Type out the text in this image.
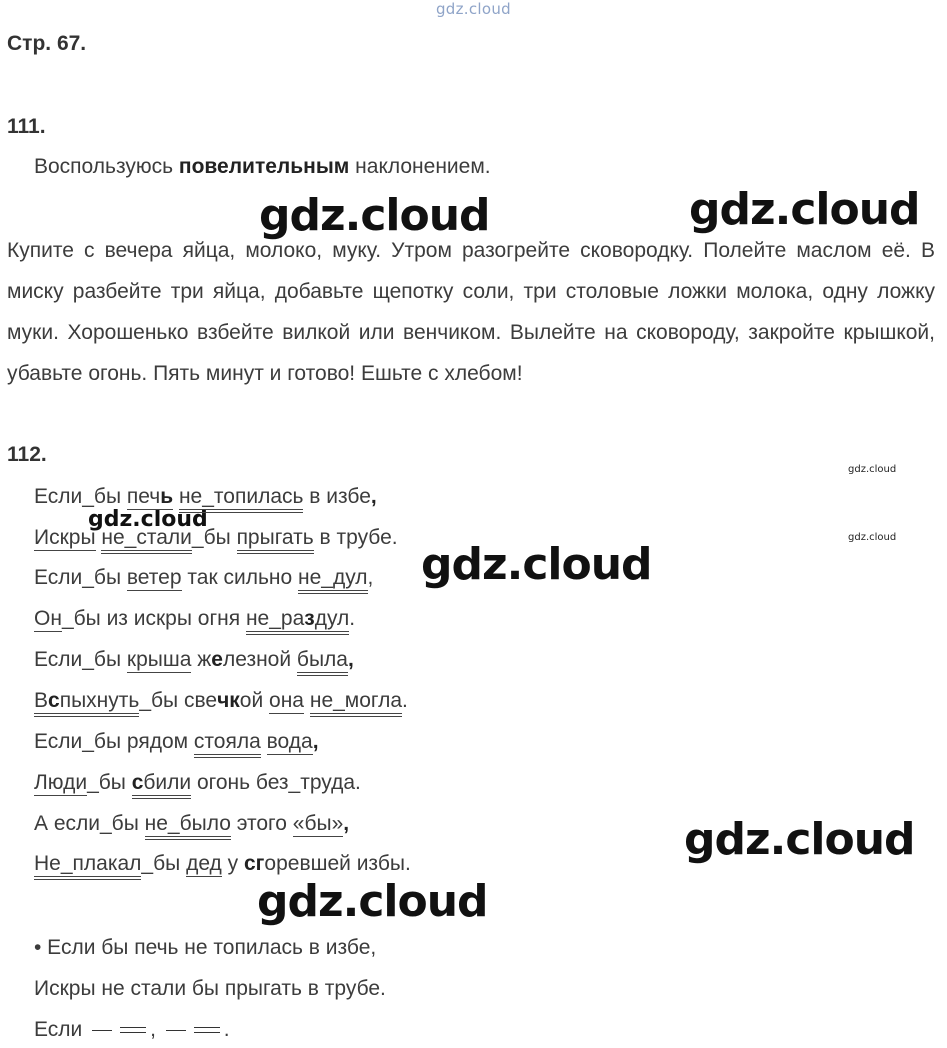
gdz.cloud
gdz.cloud	gdz.cloud
gdz.cloud
gdz.cloud
gdz.cloud
gdz.cloud
gdz.cloud
gdz.cloud
Стр. 67.
111.
Воспользуюсь повелительным наклонением.
Купите с вечера яйца, молоко, муку. Утром разогрейте сковородку. Полейте маслом её. В миску разбейте три яйца, добавьте щепотку соли, три столовые ложки молока, одну ложку муки. Хорошенько взбейте вилкой или венчиком. Вылейте на сковороду, закройте крышкой, убавьте огонь. Пять минут и готово! Ешьте с хлебом!
112.
Если_бы печь не_топилась в избе,
Искры не_стали_бы прыгать в трубе.
Если_бы ветер так сильно не_дул,
Он_бы из искры огня не_раздул.
Если_бы крыша железной была,
Вспыхнуть_бы свечкой она не_могла.
Если_бы рядом стояла вода,
Люди_бы сбили огонь без_труда.
А если_бы не_было этого «бы»,
Не_плакал_бы дед у сгоревшей избы.
• Если бы печь не топилась в избе,
Искры не стали бы прыгать в трубе.
Если	,	.
